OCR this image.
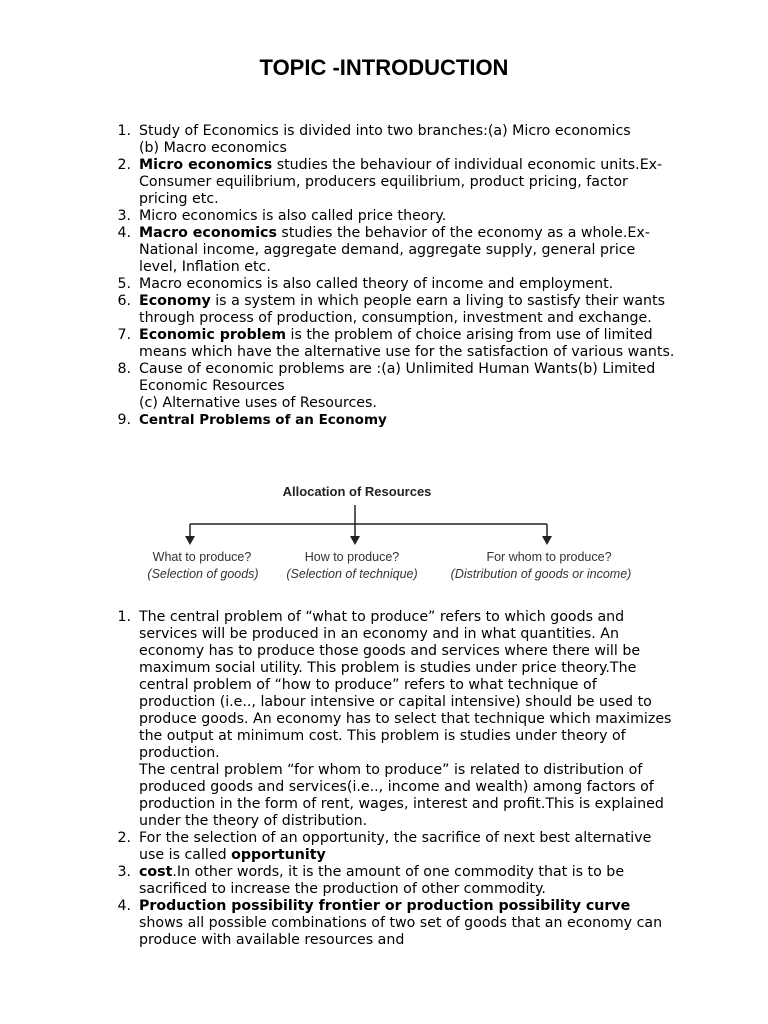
TOPIC -INTRODUCTION
1. Study of Economics is divided into two branches:(a) Micro economics
(b) Macro economics
2. Micro economics studies the behaviour of individual economic units.Ex-Consumer equilibrium, producers equilibrium, product pricing, factor pricing etc.
3. Micro economics is also called price theory.
4. Macro economics studies the behavior of the economy as a whole.Ex- National income, aggregate demand, aggregate supply, general price level, Inflation etc.
5. Macro economics is also called theory of income and employment.
6. Economy is a system in which people earn a living to sastisfy their wants through process of production, consumption, investment and exchange.
7. Economic problem is the problem of choice arising from use of limited means which have the alternative use for the satisfaction of various wants.
8. Cause of economic problems are :(a) Unlimited Human Wants(b) Limited Economic Resources
(c) Alternative uses of Resources.
9. Central Problems of an Economy
Allocation of Resources
What to produce?
(Selection of goods)
How to produce?
(Selection of technique)
For whom to produce?
(Distribution of goods or income)
1. The central problem of “what to produce” refers to which goods and services will be produced in an economy and in what quantities. An economy has to produce those goods and services where there will be maximum social utility. This problem is studies under price theory.The central problem of “how to produce” refers to what technique of production (i.e.., labour intensive or capital intensive) should be used to produce goods. An economy has to select that technique which maximizes the output at minimum cost. This problem is studies under theory of production.
The central problem “for whom to produce” is related to distribution of produced goods and services(i.e.., income and wealth) among factors of production in the form of rent, wages, interest and profit.This is explained under the theory of distribution.
2. For the selection of an opportunity, the sacrifice of next best alternative use is called opportunity
3. cost.In other words, it is the amount of one commodity that is to be sacrificed to increase the production of other commodity.
4. Production possibility frontier or production possibility curve shows all possible combinations of two set of goods that an economy can produce with available resources and
